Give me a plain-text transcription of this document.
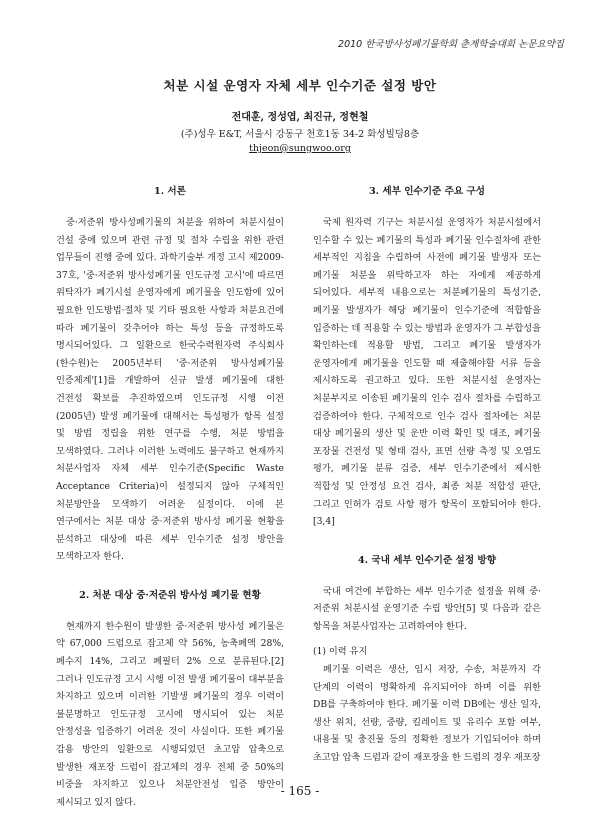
2010 한국방사성폐기물학회 춘계학술대회 논문요약집
처분 시설 운영자 자체 세부 인수기준 설정 방안
전대훈, 정성엽, 최진규, 정현철
(주)성우 E&T, 서울시 강동구 천호1동 34-2 화성빌딩8층
thjeon@sungwoo.org
1. 서론

중·저준위 방사성폐기물의 처분을 위하여 처분시설이 건설 중에 있으며 관련 규정 및 절차 수립을 위한 관련 업무들이 진행 중에 있다. 과학기술부 개정 고시 제2009-37호, '중·저준위 방사성폐기물 인도규정 고시'에 따르면 위탁자가 폐기시설 운영자에게 폐기물을 인도함에 있어 필요한 인도방법·절차 및 기타 필요한 사항과 처분요건에 따라 폐기물이 갖추어야 하는 특성 등을 규정하도록 명시되어있다. 그 일환으로 한국수력원자력 주식회사(한수원)는 2005년부터 '중·저준위 방사성폐기물 인증체계'[1]를 개발하여 신규 발생 폐기물에 대한 건전성 확보를 추진하였으며 인도규정 시행 이전(2005년) 발생 폐기물에 대해서는 특성평가 항목 설정 및 방법 정립을 위한 연구를 수행, 처분 방법을 모색하였다. 그러나 이러한 노력에도 불구하고 현재까지 처분사업자 자체 세부 인수기준(Specific Waste Acceptance Criteria)이 설정되지 않아 구체적인 처분방안을 모색하기 어려운 실정이다. 이에 본 연구에서는 처분 대상 중·저준위 방사성 폐기물 현황을 분석하고 대상에 따른 세부 인수기준 설정 방안을 모색하고자 한다.

2. 처분 대상 중·저준위 방사성 폐기물 현황

현재까지 한수원이 발생한 중·저준위 방사성 폐기물은 약 67,000 드럼으로 잡고체 약 56%, 농축폐액 28%, 폐수지 14%, 그리고 폐필터 2% 으로 분류된다.[2] 그러나 인도규정 고시 시행 이전 발생 폐기물이 대부분을 차지하고 있으며 이러한 기발생 폐기물의 경우 이력이 불분명하고 인도규정 고시에 명시되어 있는 처분 안정성을 입증하기 어려운 것이 사실이다. 또한 폐기물 감용 방안의 일환으로 시행되었던 초고압 압축으로 발생한 재포장 드럼이 잡고체의 경우 전체 중 50%의 비중을 차지하고 있으나 처분안전성 입증 방안이 제시되고 있지 않다.

3. 세부 인수기준 주요 구성

국제 원자력 기구는 처분시설 운영자가 처분시설에서 인수할 수 있는 폐기물의 특성과 폐기물 인수절차에 관한 세부적인 지침을 수립하여 사전에 폐기물 발생자 또는 폐기물 처분을 위탁하고자 하는 자에게 제공하게 되어있다. 세부적 내용으로는 처분폐기물의 특성기준, 폐기물 발생자가 해당 폐기물이 인수기준에 적합함을 입증하는 데 적용할 수 있는 방법과 운영자가 그 부합성을 확인하는데 적용할 방법, 그리고 폐기물 발생자가 운영자에게 폐기물을 인도할 때 제출해야할 서류 등을 제시하도록 권고하고 있다. 또한 처분시설 운영자는 처분부지로 이송된 폐기물의 인수 검사 절차를 수립하고 검증하여야 한다. 구체적으로 인수 검사 절차에는 처분 대상 폐기물의 생산 및 운반 이력 확인 및 대조, 폐기물 포장물 건전성 및 형태 검사, 표면 선량 측정 및 오염도 평가, 폐기물 분류 검증, 세부 인수기준에서 제시한 적합성 및 안정성 요건 검사, 최종 처분 적합성 판단, 그리고 인허가 검토 사항 평가 항목이 포함되어야 한다.[3,4]

4. 국내 세부 인수기준 설정 방향

국내 여건에 부합하는 세부 인수기준 설정을 위해 중·저준위 처분시설 운영기준 수립 방안[5] 및 다음과 같은 항목을 처분사업자는 고려하여야 한다.

(1) 이력 유지

폐기물 이력은 생산, 임시 저장, 수송, 처분까지 각 단계의 이력이 명확하게 유지되어야 하며 이를 위한 DB를 구축하여야 한다. 폐기물 이력 DB에는 생산 일자, 생산 위치, 선량, 중량, 킬레이트 및 유리수 포함 여부, 내용물 및 충진물 등의 정확한 정보가 기입되어야 하며 초고압 압축 드럼과 같이 재포장을 한 드럼의 경우 재포장

- 165 -
